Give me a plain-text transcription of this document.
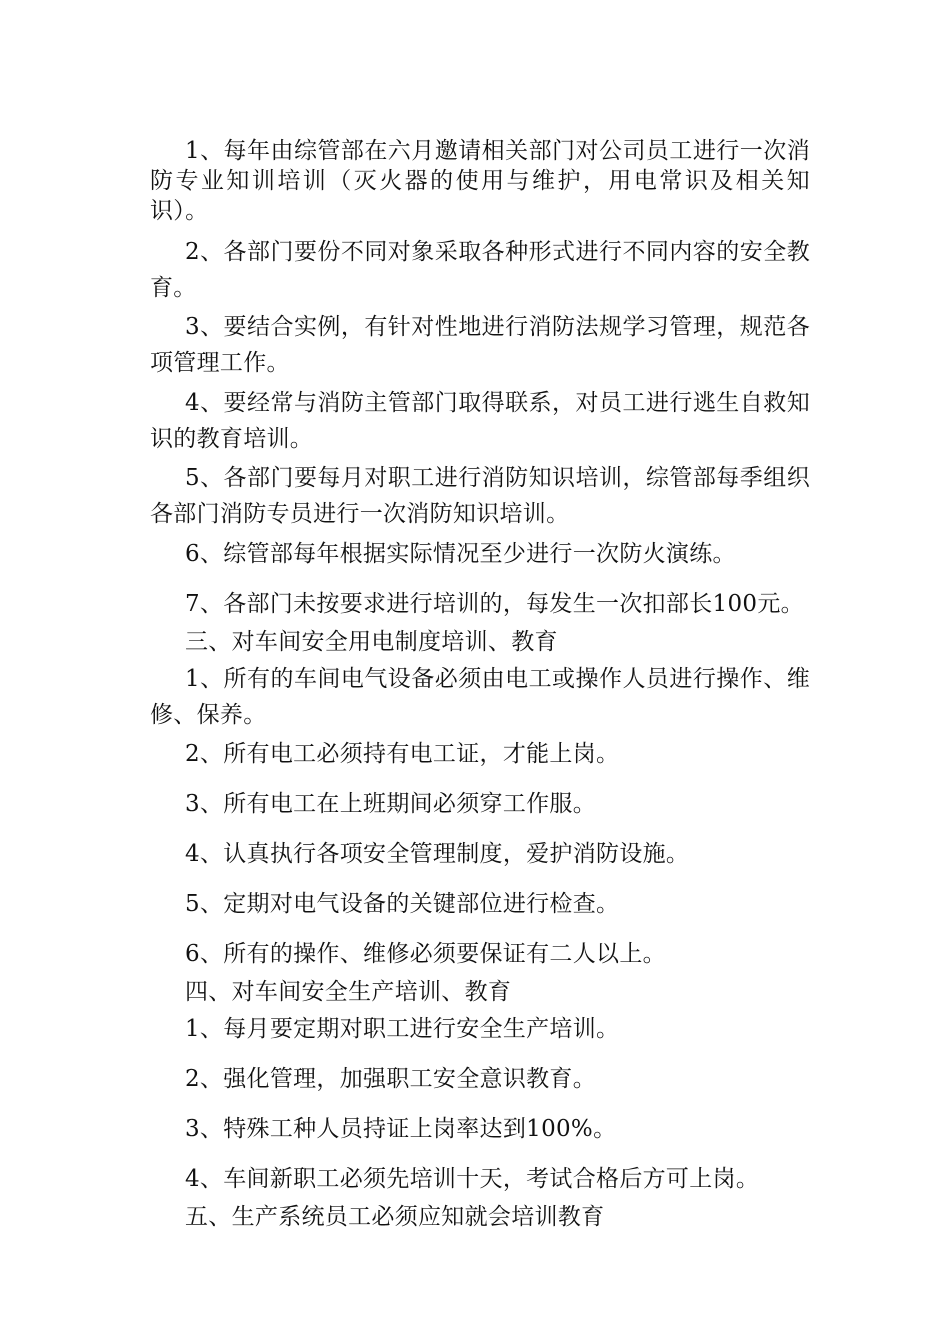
1、每年由综管部在六月邀请相关部门对公司员工进行一次消防专业知训培训（灭火器的使用与维护，用电常识及相关知识）。

2、各部门要份不同对象采取各种形式进行不同内容的安全教育。

3、要结合实例，有针对性地进行消防法规学习管理，规范各项管理工作。

4、要经常与消防主管部门取得联系，对员工进行逃生自救知识的教育培训。

5、各部门要每月对职工进行消防知识培训，综管部每季组织各部门消防专员进行一次消防知识培训。

6、综管部每年根据实际情况至少进行一次防火演练。

7、各部门未按要求进行培训的，每发生一次扣部长100元。

三、对车间安全用电制度培训、教育

1、所有的车间电气设备必须由电工或操作人员进行操作、维修、保养。

2、所有电工必须持有电工证，才能上岗。

3、所有电工在上班期间必须穿工作服。

4、认真执行各项安全管理制度，爱护消防设施。

5、定期对电气设备的关键部位进行检查。

6、所有的操作、维修必须要保证有二人以上。

四、对车间安全生产培训、教育

1、每月要定期对职工进行安全生产培训。

2、强化管理，加强职工安全意识教育。

3、特殊工种人员持证上岗率达到100%。

4、车间新职工必须先培训十天，考试合格后方可上岗。

五、生产系统员工必须应知就会培训教育
